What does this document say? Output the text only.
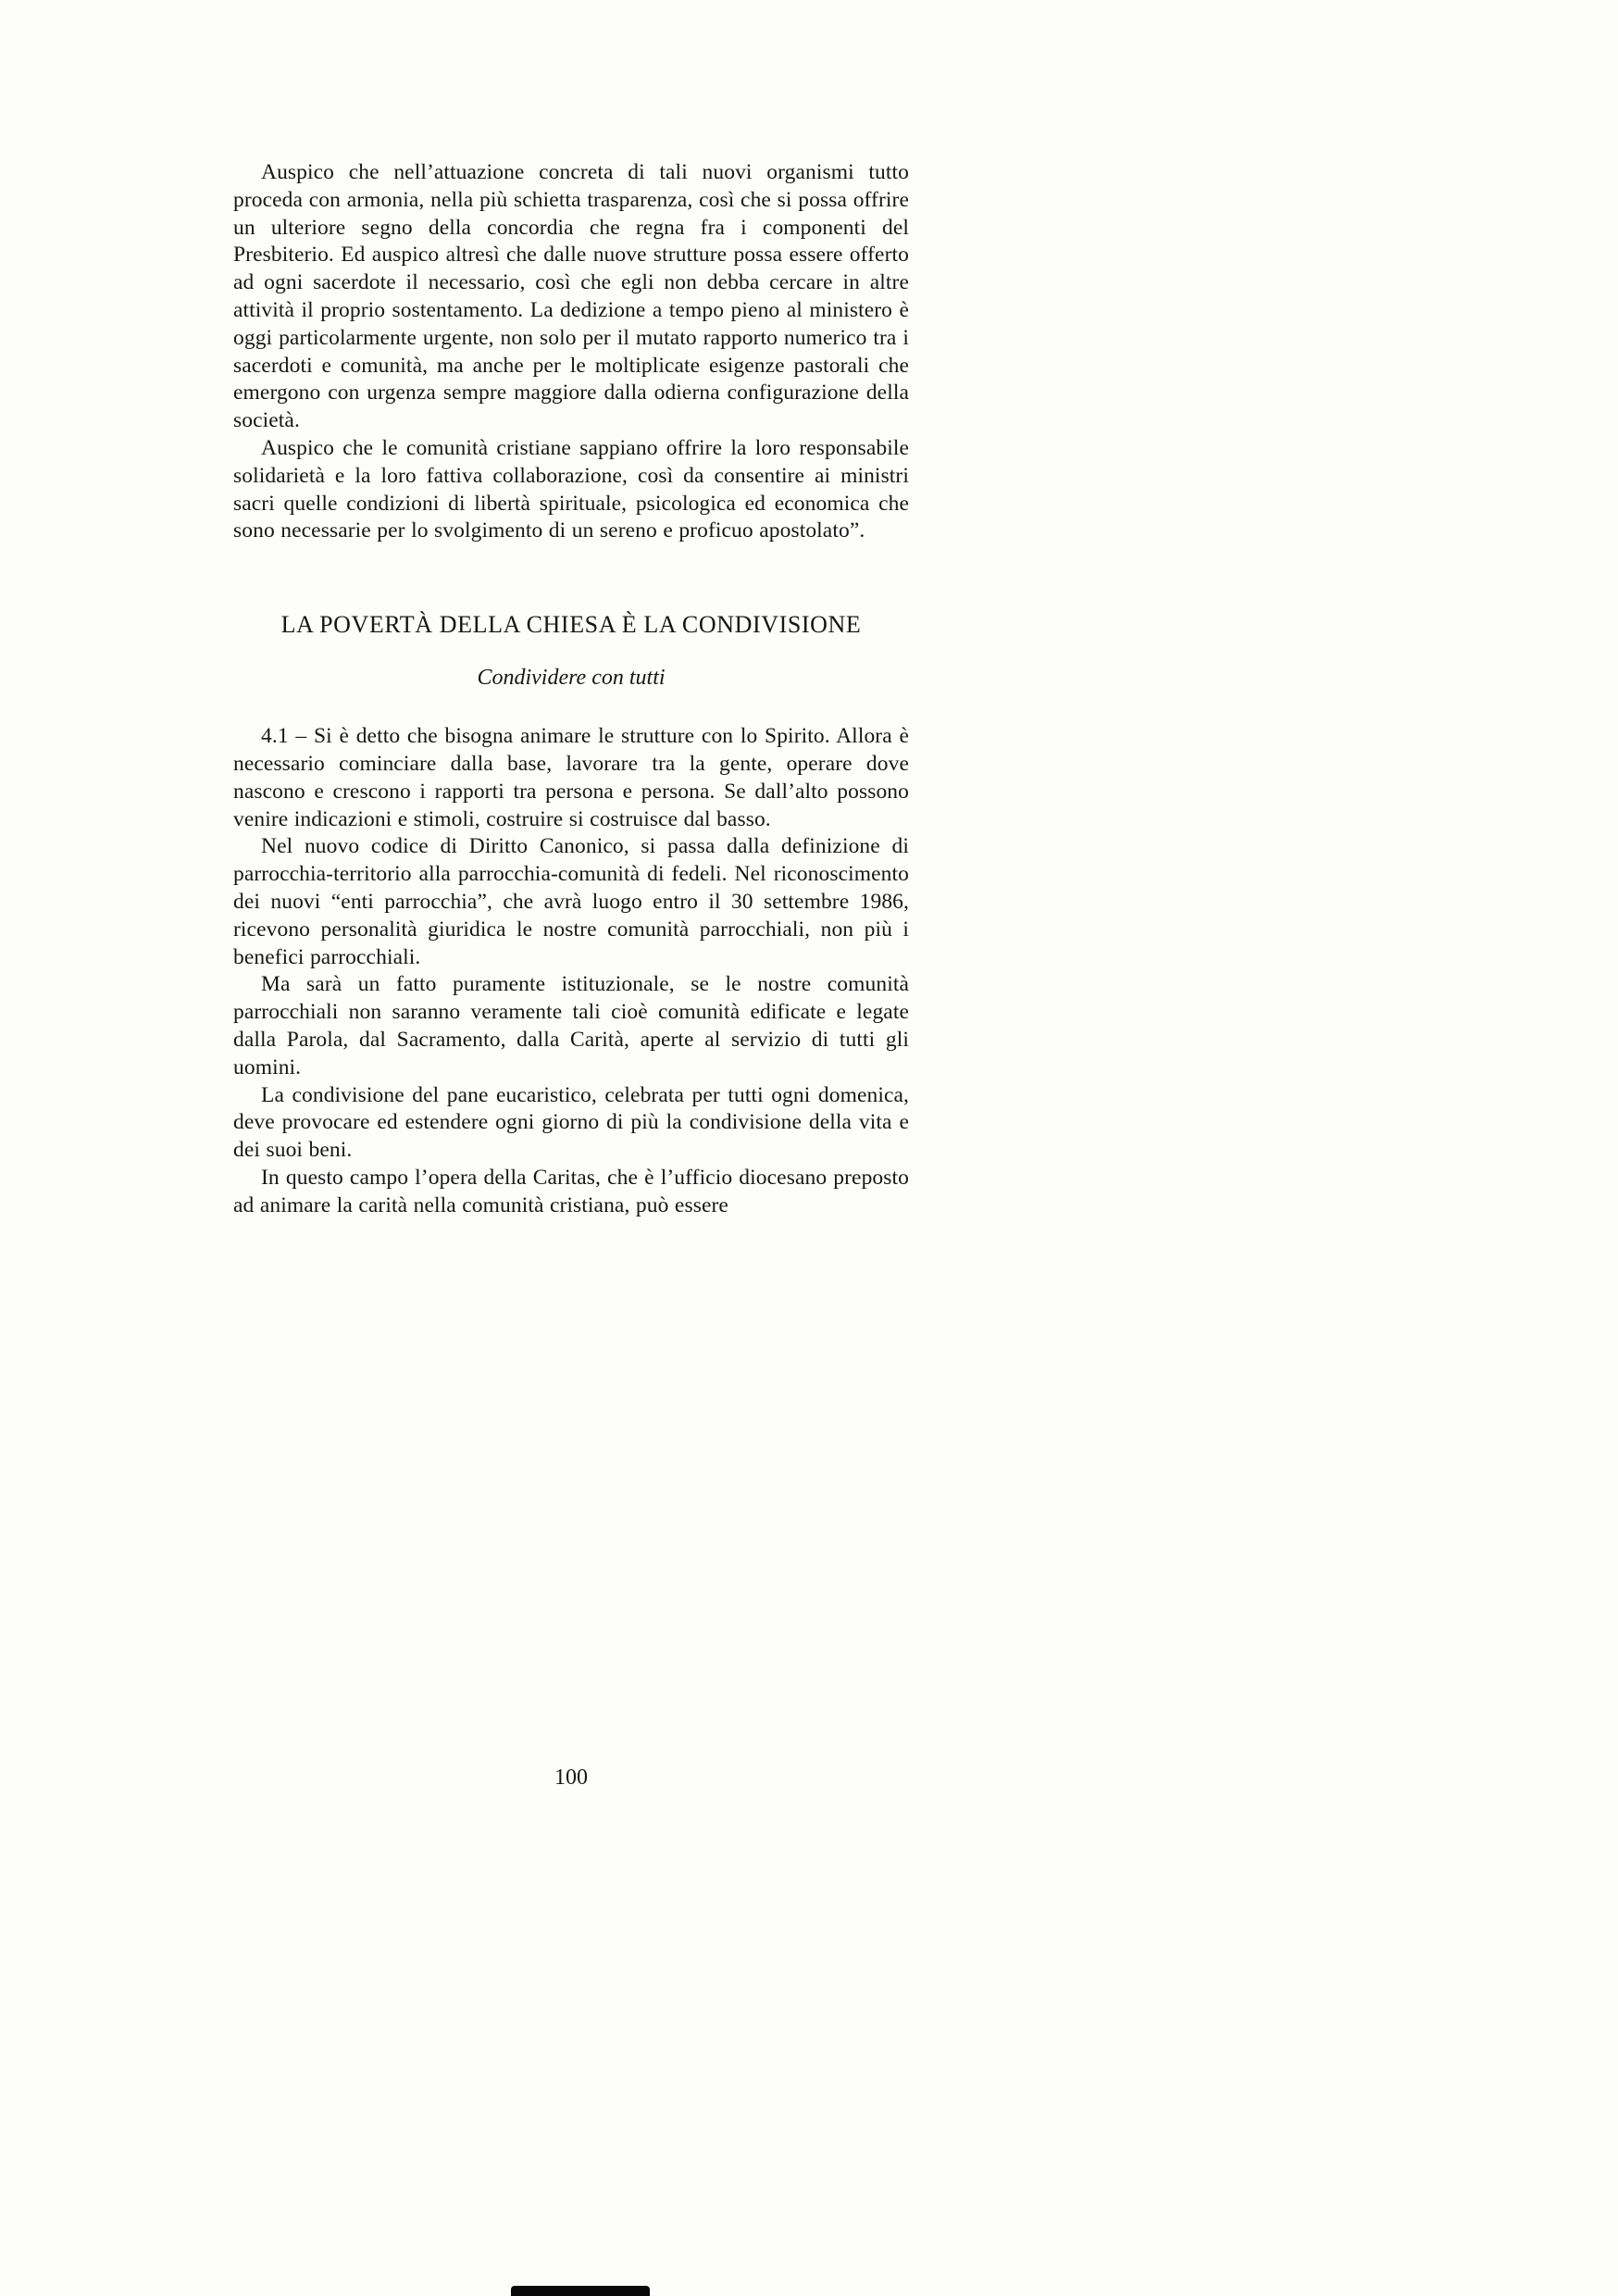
Auspico che nell’attuazione concreta di tali nuovi organismi tutto proceda con armonia, nella più schietta trasparenza, così che si possa offrire un ulteriore segno della concordia che regna fra i componenti del Presbiterio. Ed auspico altresì che dalle nuove strutture possa essere offerto ad ogni sacerdote il necessario, così che egli non debba cercare in altre attività il proprio sostentamento. La dedizione a tempo pieno al ministero è oggi particolarmente urgente, non solo per il mutato rapporto numerico tra i sacerdoti e comunità, ma anche per le moltiplicate esigenze pastorali che emergono con urgenza sempre maggiore dalla odierna configurazione della società.

Auspico che le comunità cristiane sappiano offrire la loro responsabile solidarietà e la loro fattiva collaborazione, così da consentire ai ministri sacri quelle condizioni di libertà spirituale, psicologica ed economica che sono necessarie per lo svolgimento di un sereno e proficuo apostolato”.

LA POVERTÀ DELLA CHIESA È LA CONDIVISIONE
Condividere con tutti

4.1 – Si è detto che bisogna animare le strutture con lo Spirito. Allora è necessario cominciare dalla base, lavorare tra la gente, operare dove nascono e crescono i rapporti tra persona e persona. Se dall’alto possono venire indicazioni e stimoli, costruire si costruisce dal basso.

Nel nuovo codice di Diritto Canonico, si passa dalla definizione di parrocchia-territorio alla parrocchia-comunità di fedeli. Nel riconoscimento dei nuovi “enti parrocchia”, che avrà luogo entro il 30 settembre 1986, ricevono personalità giuridica le nostre comunità parrocchiali, non più i benefici parrocchiali.

Ma sarà un fatto puramente istituzionale, se le nostre comunità parrocchiali non saranno veramente tali cioè comunità edificate e legate dalla Parola, dal Sacramento, dalla Carità, aperte al servizio di tutti gli uomini.

La condivisione del pane eucaristico, celebrata per tutti ogni domenica, deve provocare ed estendere ogni giorno di più la condivisione della vita e dei suoi beni.

In questo campo l’opera della Caritas, che è l’ufficio diocesano preposto ad animare la carità nella comunità cristiana, può essere

100
